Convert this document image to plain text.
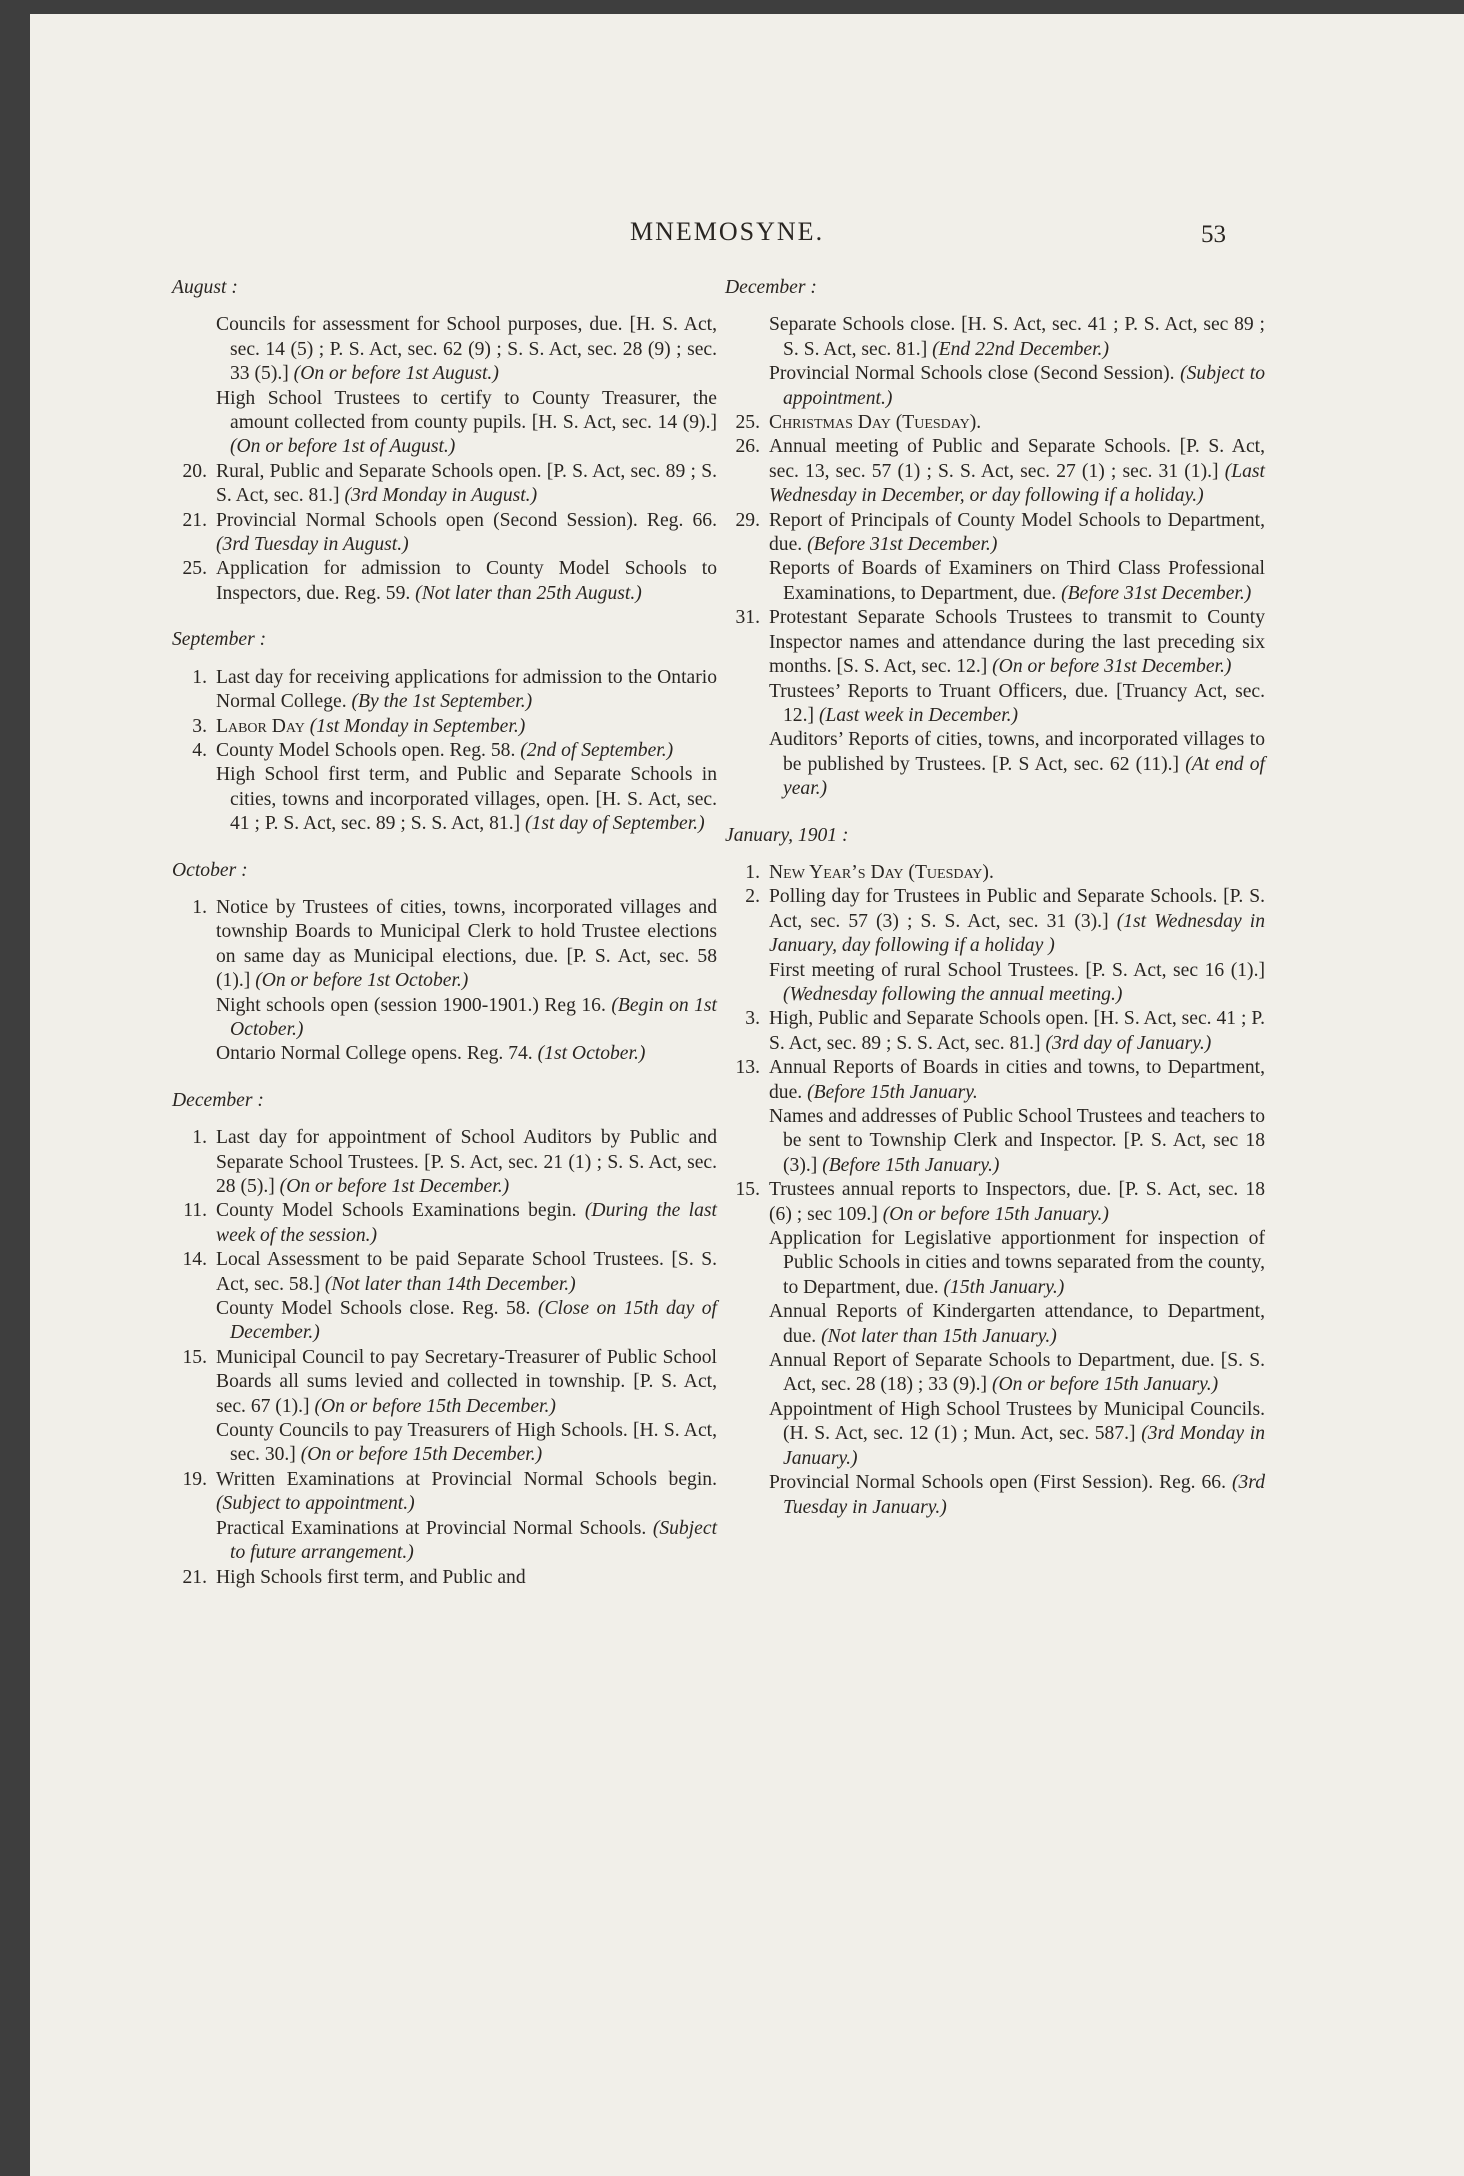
MNEMOSYNE.	53
August :
Councils for assessment for School purposes, due. [H. S. Act, sec. 14 (5) ; P. S. Act, sec. 62 (9) ; S. S. Act, sec. 28 (9) ; sec. 33 (5).] (On or before 1st August.)
High School Trustees to certify to County Treasurer, the amount collected from county pupils. [H. S. Act, sec. 14 (9).] (On or before 1st of August.)
20. Rural, Public and Separate Schools open. [P. S. Act, sec. 89 ; S. S. Act, sec. 81.] (3rd Monday in August.)
21. Provincial Normal Schools open (Second Session). Reg. 66. (3rd Tuesday in August.)
25. Application for admission to County Model Schools to Inspectors, due. Reg. 59. (Not later than 25th August.)
September :
1. Last day for receiving applications for admission to the Ontario Normal College. (By the 1st September.)
3. Labor Day (1st Monday in September.)
4. County Model Schools open. Reg. 58. (2nd of September.)
High School first term, and Public and Separate Schools in cities, towns and incorporated villages, open. [H. S. Act, sec. 41 ; P. S. Act, sec. 89 ; S. S. Act, 81.] (1st day of September.)
October :
1. Notice by Trustees of cities, towns, incorporated villages and township Boards to Municipal Clerk to hold Trustee elections on same day as Municipal elections, due. [P. S. Act, sec. 58 (1).] (On or before 1st October.)
Night schools open (session 1900-1901.) Reg 16. (Begin on 1st October.)
Ontario Normal College opens. Reg. 74. (1st October.)
December :
1. Last day for appointment of School Auditors by Public and Separate School Trustees. [P. S. Act, sec. 21 (1) ; S. S. Act, sec. 28 (5).] (On or before 1st December.)
11. County Model Schools Examinations begin. (During the last week of the session.)
14. Local Assessment to be paid Separate School Trustees. [S. S. Act, sec. 58.] (Not later than 14th December.)
County Model Schools close. Reg. 58. (Close on 15th day of December.)
15. Municipal Council to pay Secretary-Treasurer of Public School Boards all sums levied and collected in township. [P. S. Act, sec. 67 (1).] (On or before 15th December.)
County Councils to pay Treasurers of High Schools. [H. S. Act, sec. 30.] (On or before 15th December.)
19. Written Examinations at Provincial Normal Schools begin. (Subject to appointment.)
Practical Examinations at Provincial Normal Schools. (Subject to future arrangement.)
21. High Schools first term, and Public and
December :
Separate Schools close. [H. S. Act, sec. 41 ; P. S. Act, sec 89 ; S. S. Act, sec. 81.] (End 22nd December.)
Provincial Normal Schools close (Second Session). (Subject to appointment.)
25. Christmas Day (Tuesday).
26. Annual meeting of Public and Separate Schools. [P. S. Act, sec. 13, sec. 57 (1) ; S. S. Act, sec. 27 (1) ; sec. 31 (1).] (Last Wednesday in December, or day following if a holiday.)
29. Report of Principals of County Model Schools to Department, due. (Before 31st December.)
Reports of Boards of Examiners on Third Class Professional Examinations, to Department, due. (Before 31st December.)
31. Protestant Separate Schools Trustees to transmit to County Inspector names and attendance during the last preceding six months. [S. S. Act, sec. 12.] (On or before 31st December.)
Trustees’ Reports to Truant Officers, due. [Truancy Act, sec. 12.] (Last week in December.)
Auditors’ Reports of cities, towns, and incorporated villages to be published by Trustees. [P. S Act, sec. 62 (11).] (At end of year.)
January, 1901 :
1. New Year’s Day (Tuesday).
2. Polling day for Trustees in Public and Separate Schools. [P. S. Act, sec. 57 (3) ; S. S. Act, sec. 31 (3).] (1st Wednesday in January, day following if a holiday )
First meeting of rural School Trustees. [P. S. Act, sec 16 (1).] (Wednesday following the annual meeting.)
3. High, Public and Separate Schools open. [H. S. Act, sec. 41 ; P. S. Act, sec. 89 ; S. S. Act, sec. 81.] (3rd day of January.)
13. Annual Reports of Boards in cities and towns, to Department, due. (Before 15th January.
Names and addresses of Public School Trustees and teachers to be sent to Township Clerk and Inspector. [P. S. Act, sec 18 (3).] (Before 15th January.)
15. Trustees annual reports to Inspectors, due. [P. S. Act, sec. 18 (6) ; sec 109.] (On or before 15th January.)
Application for Legislative apportionment for inspection of Public Schools in cities and towns separated from the county, to Department, due. (15th January.)
Annual Reports of Kindergarten attendance, to Department, due. (Not later than 15th January.)
Annual Report of Separate Schools to Department, due. [S. S. Act, sec. 28 (18) ; 33 (9).] (On or before 15th January.)
Appointment of High School Trustees by Municipal Councils. (H. S. Act, sec. 12 (1) ; Mun. Act, sec. 587.] (3rd Monday in January.)
Provincial Normal Schools open (First Session). Reg. 66. (3rd Tuesday in January.)
